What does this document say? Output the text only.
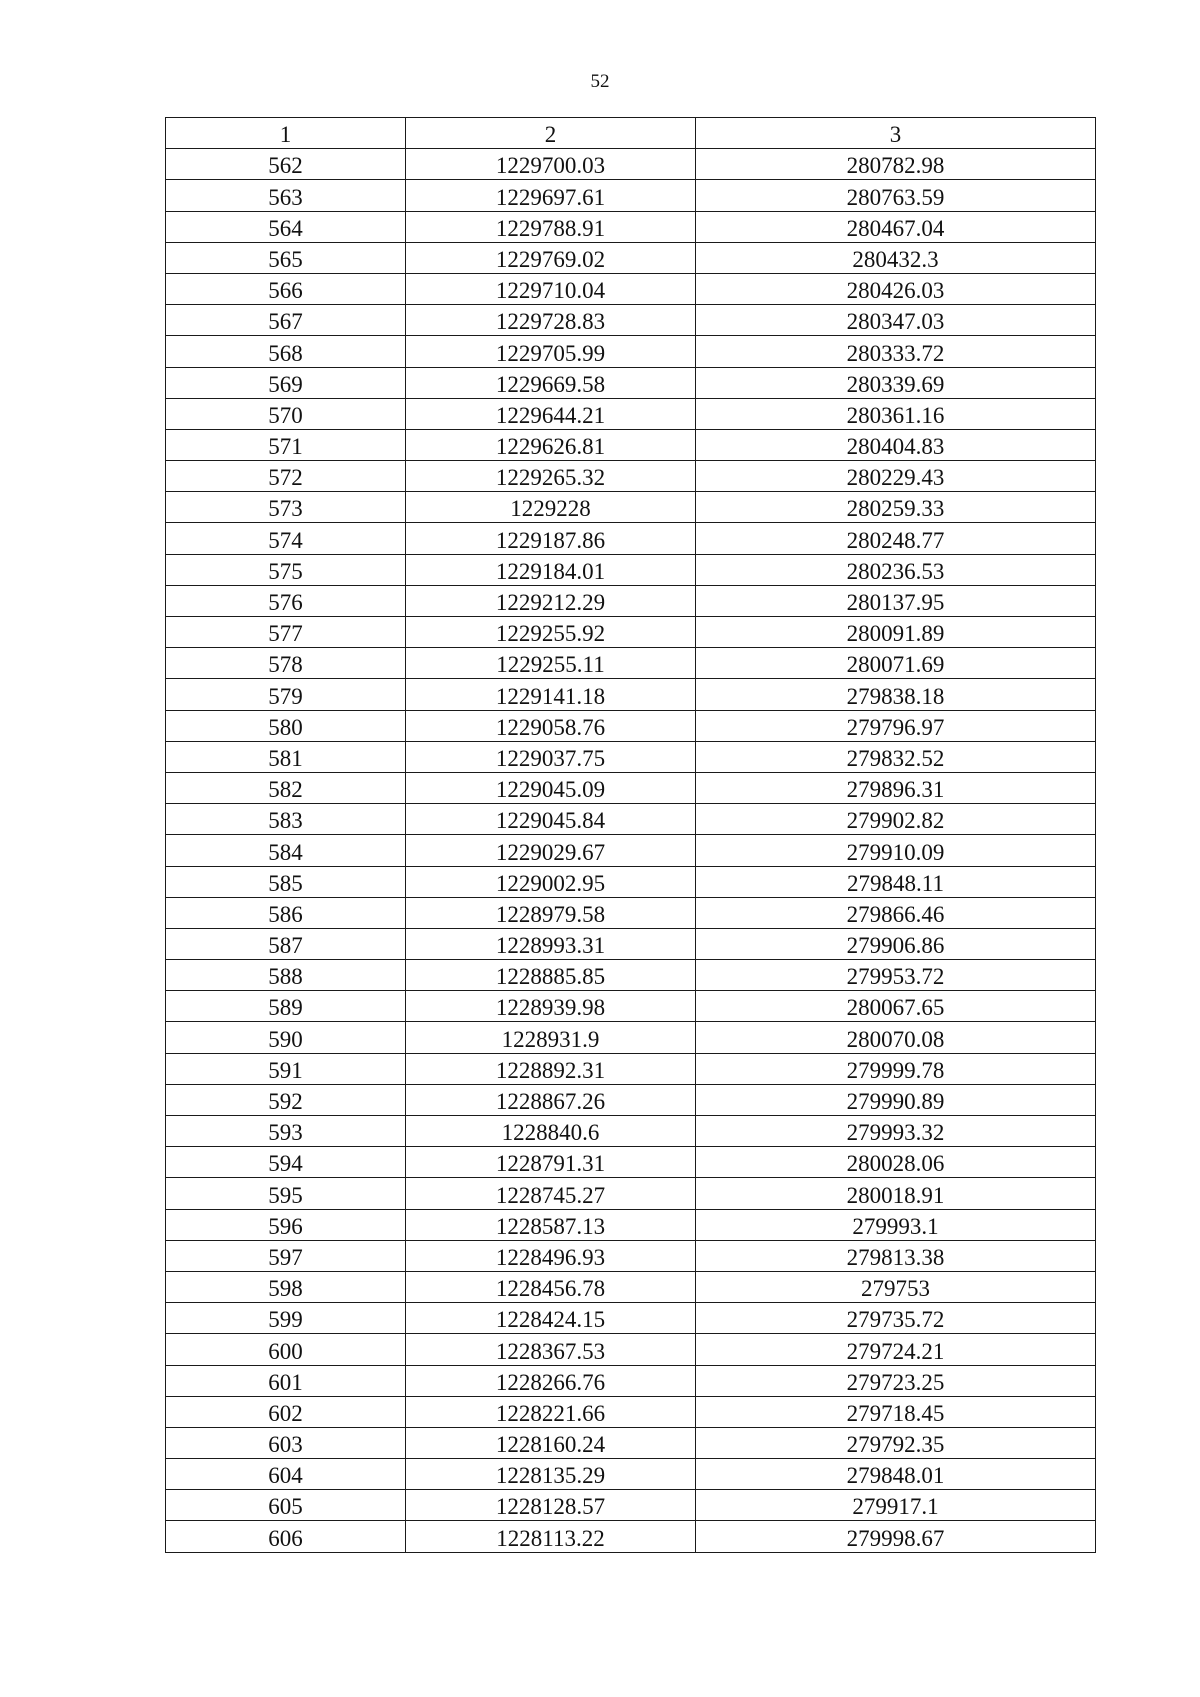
52
1	2	3
562	1229700.03	280782.98
563	1229697.61	280763.59
564	1229788.91	280467.04
565	1229769.02	280432.3
566	1229710.04	280426.03
567	1229728.83	280347.03
568	1229705.99	280333.72
569	1229669.58	280339.69
570	1229644.21	280361.16
571	1229626.81	280404.83
572	1229265.32	280229.43
573	1229228	280259.33
574	1229187.86	280248.77
575	1229184.01	280236.53
576	1229212.29	280137.95
577	1229255.92	280091.89
578	1229255.11	280071.69
579	1229141.18	279838.18
580	1229058.76	279796.97
581	1229037.75	279832.52
582	1229045.09	279896.31
583	1229045.84	279902.82
584	1229029.67	279910.09
585	1229002.95	279848.11
586	1228979.58	279866.46
587	1228993.31	279906.86
588	1228885.85	279953.72
589	1228939.98	280067.65
590	1228931.9	280070.08
591	1228892.31	279999.78
592	1228867.26	279990.89
593	1228840.6	279993.32
594	1228791.31	280028.06
595	1228745.27	280018.91
596	1228587.13	279993.1
597	1228496.93	279813.38
598	1228456.78	279753
599	1228424.15	279735.72
600	1228367.53	279724.21
601	1228266.76	279723.25
602	1228221.66	279718.45
603	1228160.24	279792.35
604	1228135.29	279848.01
605	1228128.57	279917.1
606	1228113.22	279998.67
